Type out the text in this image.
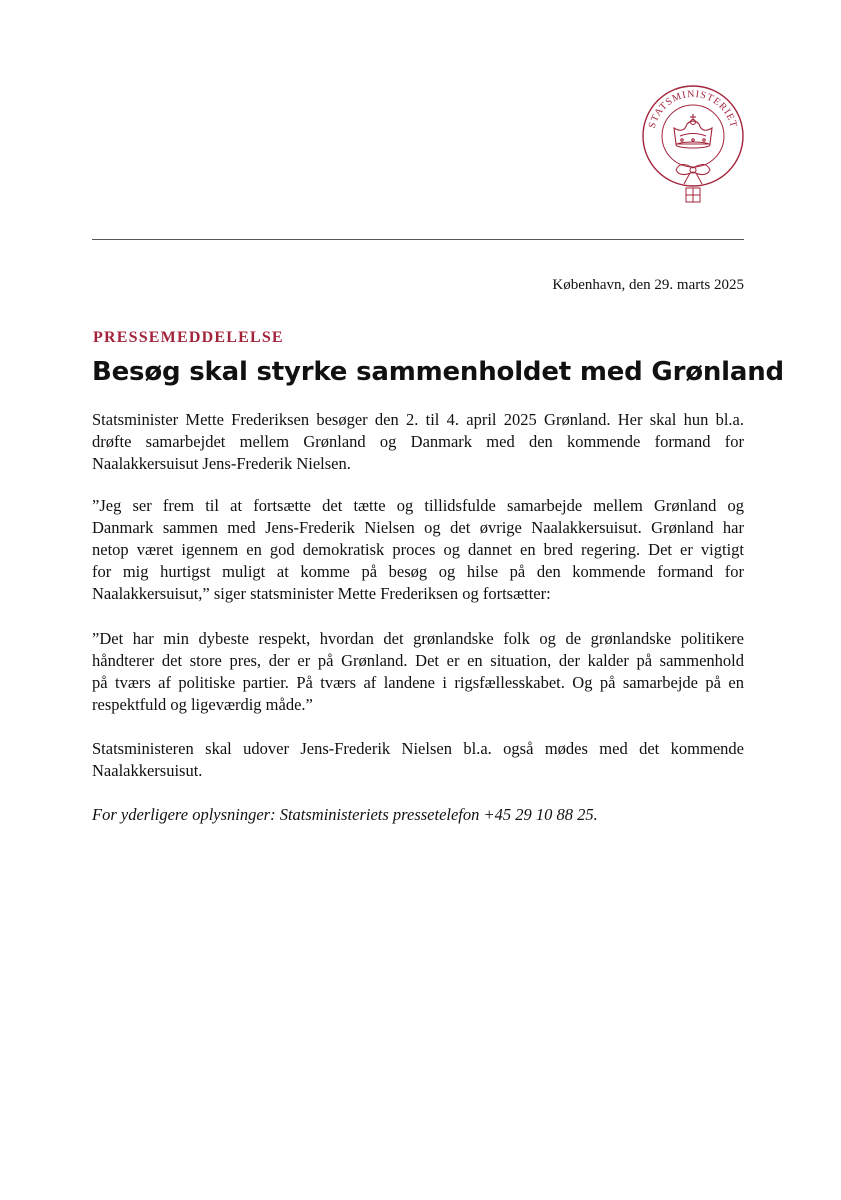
STATSMINISTERIET
København, den 29. marts 2025
PRESSEMEDDELELSE
Besøg skal styrke sammenholdet med Grønland

Statsminister Mette Frederiksen besøger den 2. til 4. april 2025 Grønland. Her skal hun bl.a.
drøfte samarbejdet mellem Grønland og Danmark med den kommende formand for
Naalakkersuisut Jens-Frederik Nielsen.

”Jeg ser frem til at fortsætte det tætte og tillidsfulde samarbejde mellem Grønland og
Danmark sammen med Jens-Frederik Nielsen og det øvrige Naalakkersuisut. Grønland har
netop været igennem en god demokratisk proces og dannet en bred regering. Det er vigtigt
for mig hurtigst muligt at komme på besøg og hilse på den kommende formand for
Naalakkersuisut,” siger statsminister Mette Frederiksen og fortsætter:

”Det har min dybeste respekt, hvordan det grønlandske folk og de grønlandske politikere
håndterer det store pres, der er på Grønland. Det er en situation, der kalder på sammenhold
på tværs af politiske partier. På tværs af landene i rigsfællesskabet. Og på samarbejde på en
respektfuld og ligeværdig måde.”

Statsministeren skal udover Jens-Frederik Nielsen bl.a. også mødes med det kommende
Naalakkersuisut.

For yderligere oplysninger: Statsministeriets pressetelefon +45 29 10 88 25.
